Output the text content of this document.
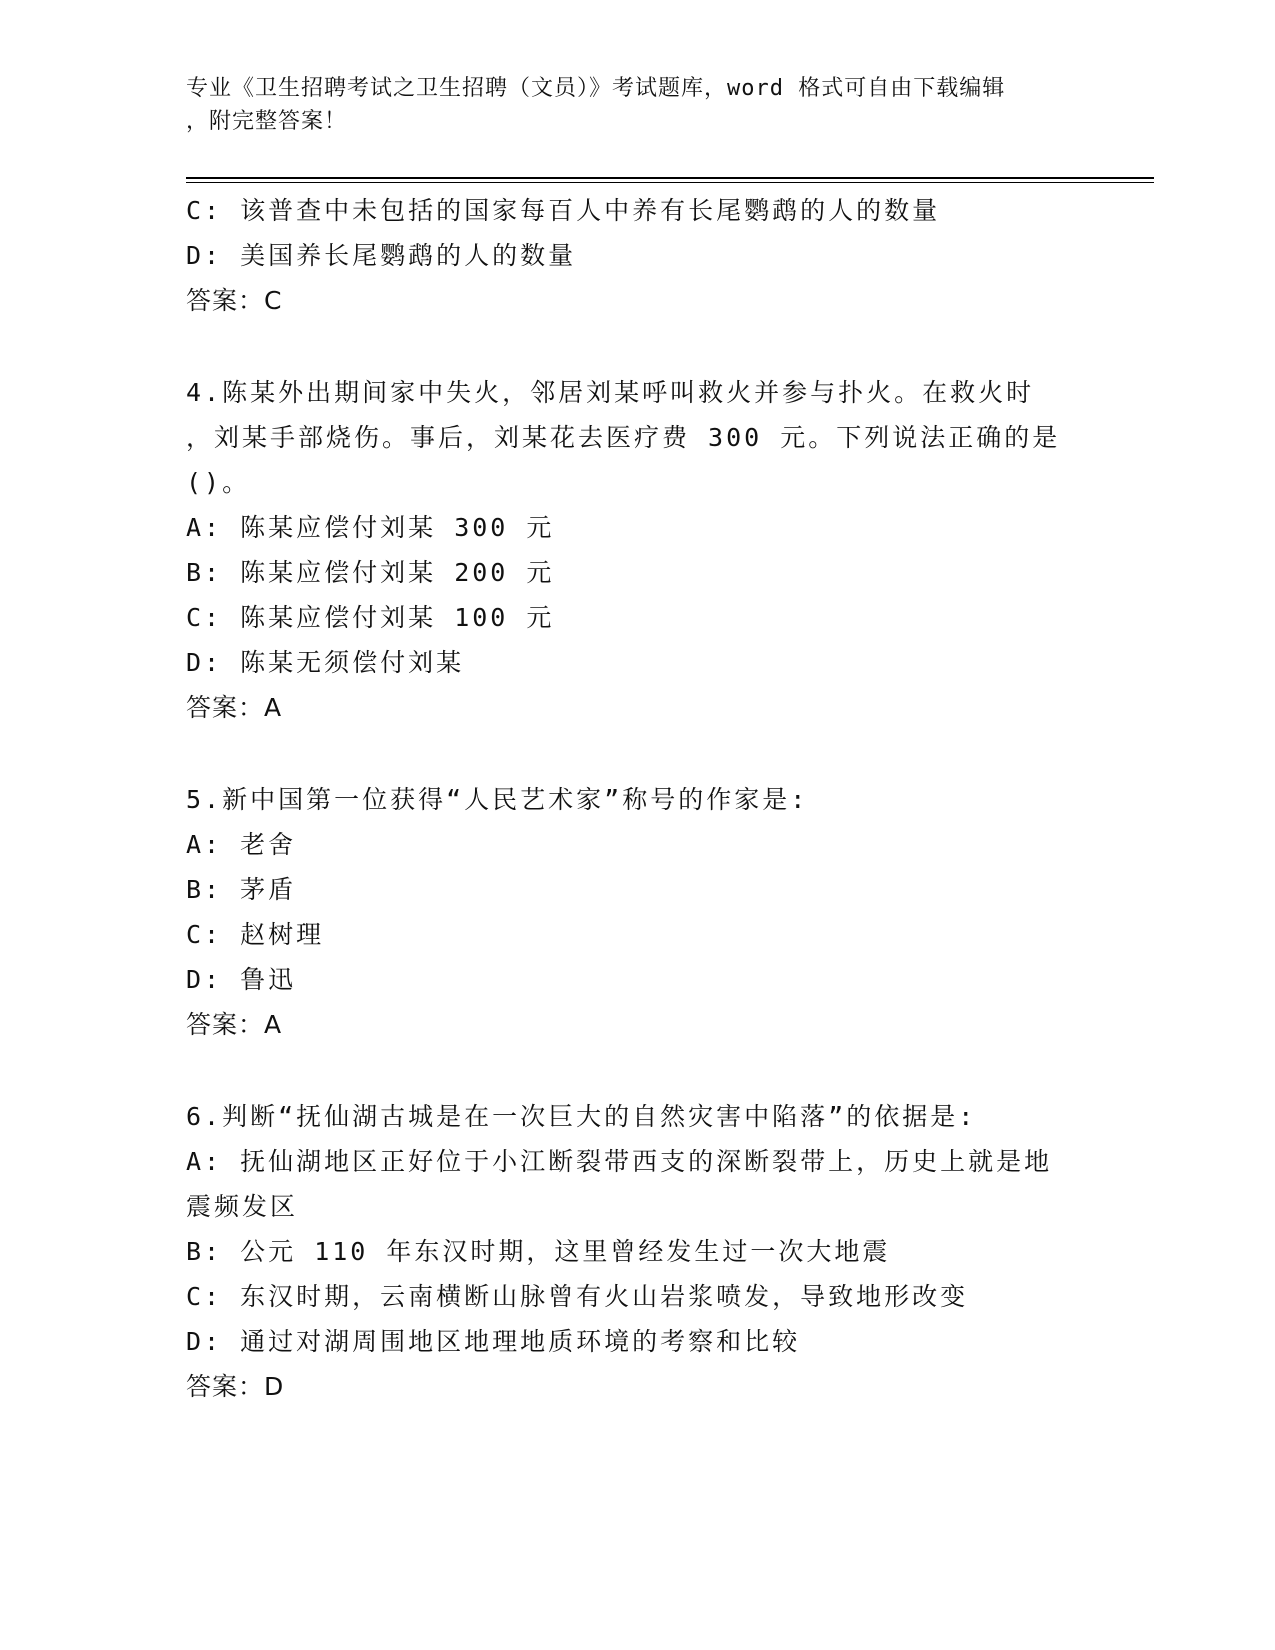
专业《卫生招聘考试之卫生招聘（文员）》考试题库，word 格式可自由下载编辑
，附完整答案！
C: 该普查中未包括的国家每百人中养有长尾鹦鹉的人的数量
D: 美国养长尾鹦鹉的人的数量
答案：C
4.陈某外出期间家中失火，邻居刘某呼叫救火并参与扑火。在救火时
，刘某手部烧伤。事后，刘某花去医疗费 300 元。下列说法正确的是
()。
A: 陈某应偿付刘某 300 元
B: 陈某应偿付刘某 200 元
C: 陈某应偿付刘某 100 元
D: 陈某无须偿付刘某
答案：A
5.新中国第一位获得“人民艺术家”称号的作家是:
A: 老舍
B: 茅盾
C: 赵树理
D: 鲁迅
答案：A
6.判断“抚仙湖古城是在一次巨大的自然灾害中陷落”的依据是:
A: 抚仙湖地区正好位于小江断裂带西支的深断裂带上，历史上就是地
震频发区
B: 公元 110 年东汉时期，这里曾经发生过一次大地震
C: 东汉时期，云南横断山脉曾有火山岩浆喷发，导致地形改变
D: 通过对湖周围地区地理地质环境的考察和比较
答案：D
